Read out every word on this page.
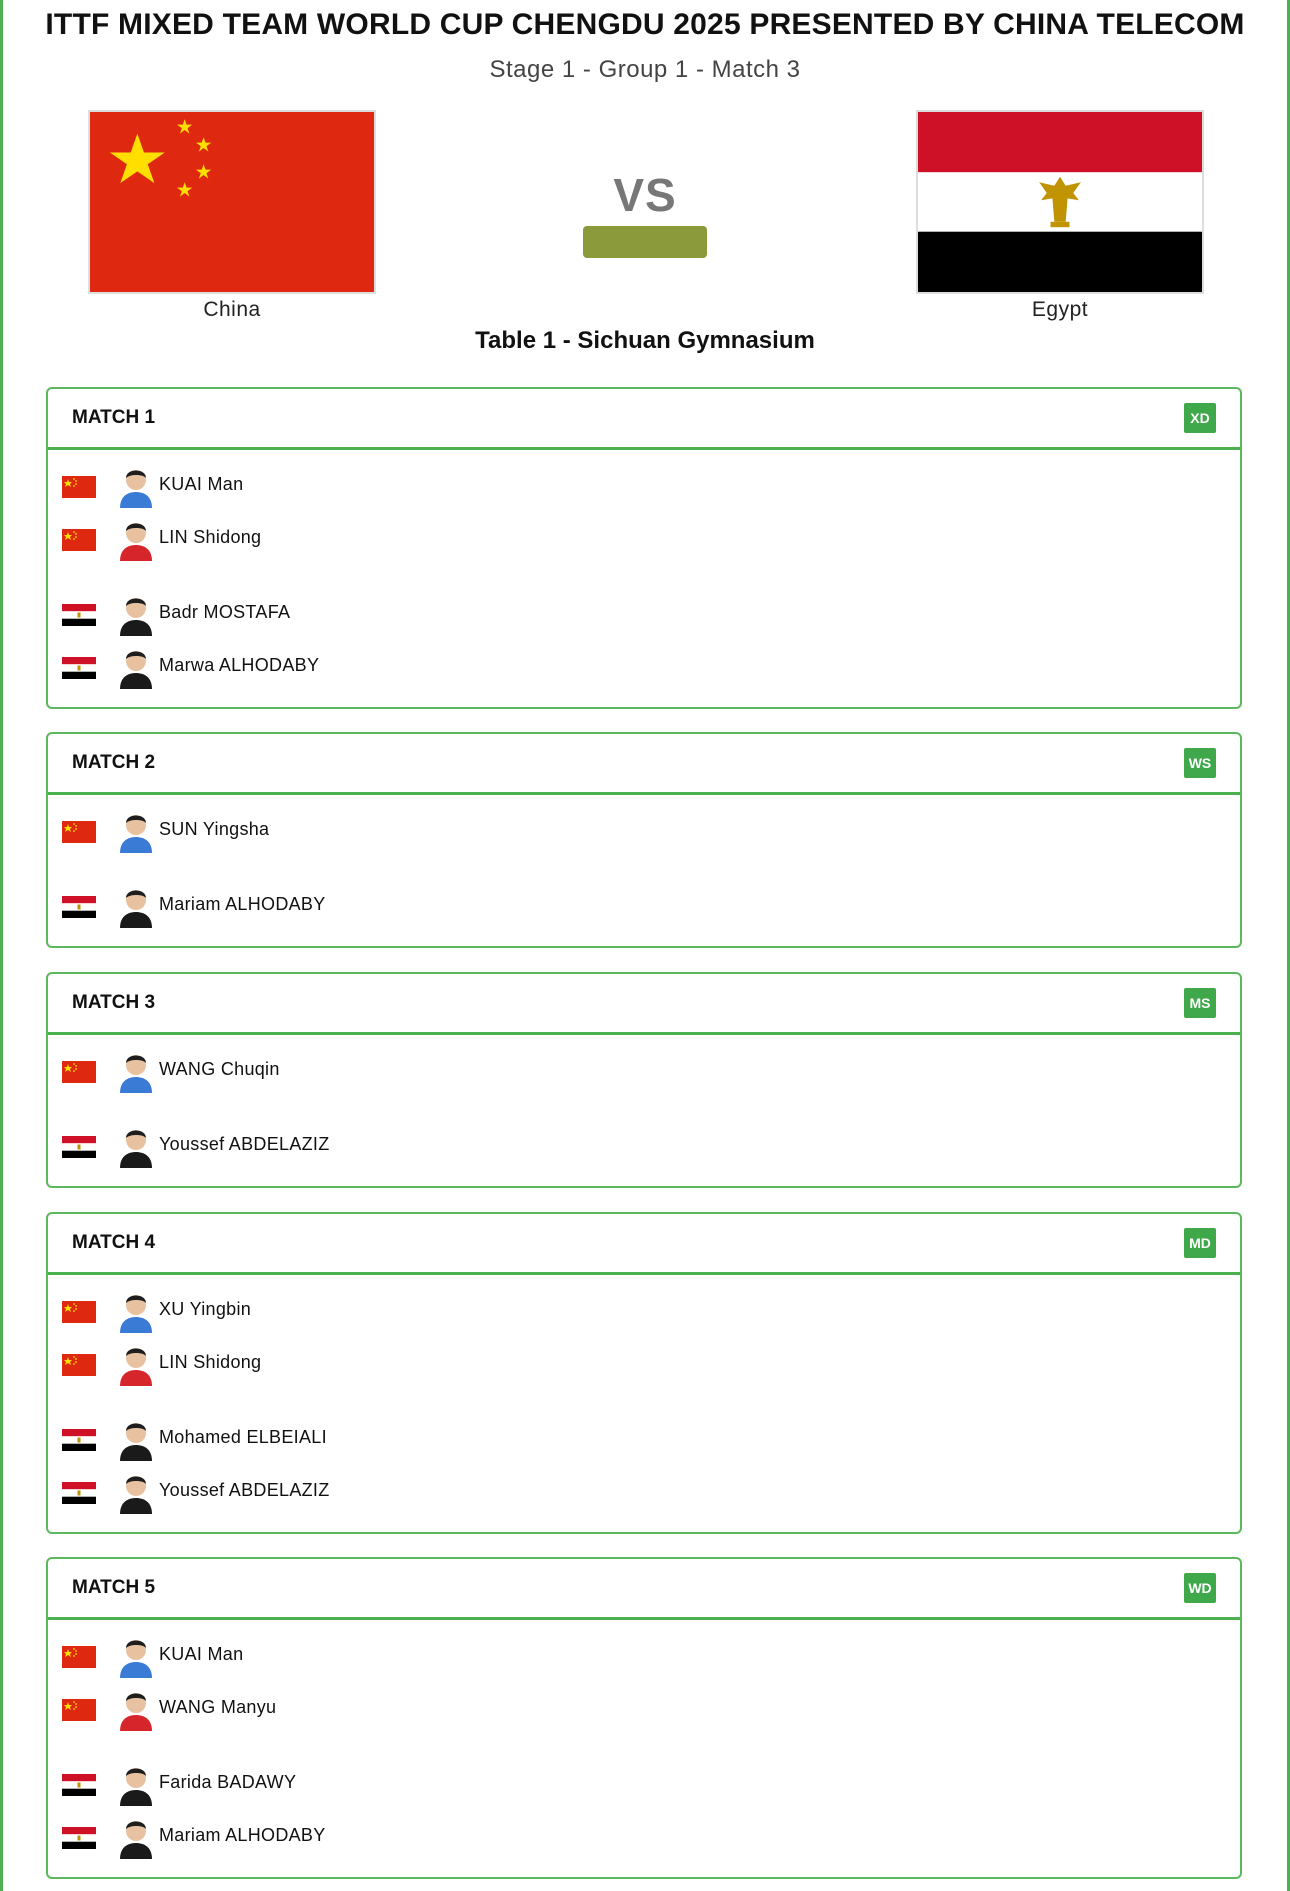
ITTF MIXED TEAM WORLD CUP CHENGDU 2025 PRESENTED BY CHINA TELECOM
Stage 1 - Group 1 - Match 3
China
VS
Egypt
Table 1 - Sichuan Gymnasium
MATCH 1	XD
KUAI Man
LIN Shidong
Badr MOSTAFA
Marwa ALHODABY
MATCH 2	WS
SUN Yingsha
Mariam ALHODABY
MATCH 3	MS
WANG Chuqin
Youssef ABDELAZIZ
MATCH 4	MD
XU Yingbin
LIN Shidong
Mohamed ELBEIALI
Youssef ABDELAZIZ
MATCH 5	WD
KUAI Man
WANG Manyu
Farida BADAWY
Mariam ALHODABY
